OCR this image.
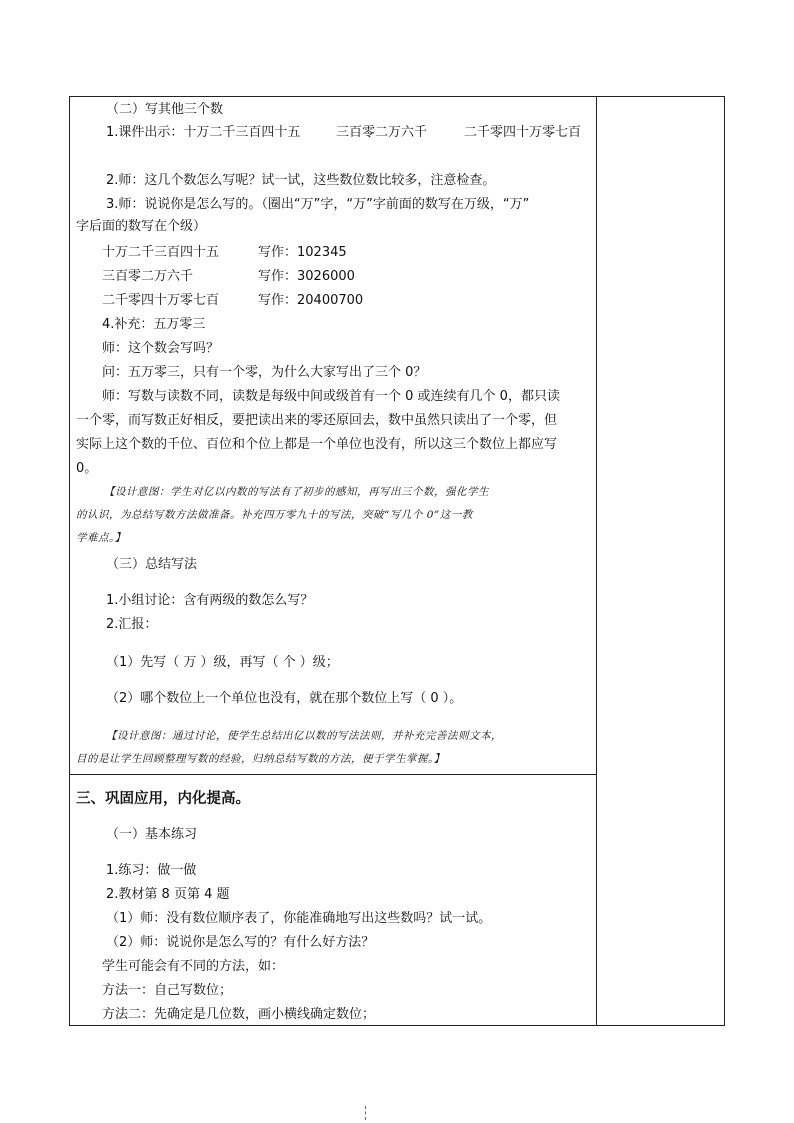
（二）写其他三个数
1.课件出示：十万二千三百四十五	三百零二万六千	二千零四十万零七百
2.师：这几个数怎么写呢？试一试，这些数位数比较多，注意检查。
3.师：说说你是怎么写的。（圈出“万”字，“万”字前面的数写在万级，“万”
字后面的数写在个级）
十万二千三百四十五	写作：102345
三百零二万六千	写作：3026000
二千零四十万零七百	写作：20400700
4.补充：五万零三
师：这个数会写吗？
问：五万零三，只有一个零，为什么大家写出了三个 0？
师：写数与读数不同，读数是每级中间或级首有一个 0 或连续有几个 0，都只读
一个零，而写数正好相反，要把读出来的零还原回去，数中虽然只读出了一个零，但
实际上这个数的千位、百位和个位上都是一个单位也没有，所以这三个数位上都应写
0。
【设计意图：学生对亿以内数的写法有了初步的感知，再写出三个数，强化学生
的认识，为总结写数方法做准备。补充四万零九十的写法，突破“写几个 0”这一教
学难点。】
（三）总结写法
1.小组讨论：含有两级的数怎么写？
2.汇报：
（1）先写（ 万 ）级，再写（ 个 ）级；
（2）哪个数位上一个单位也没有，就在那个数位上写（ 0 ）。
【设计意图：通过讨论，使学生总结出亿以数的写法法则，并补充完善法则文本，
目的是让学生回顾整理写数的经验，归纳总结写数的方法，便于学生掌握。】
三、巩固应用，内化提高。
（一）基本练习
1.练习：做一做
2.教材第 8 页第 4 题
（1）师：没有数位顺序表了，你能准确地写出这些数吗？试一试。
（2）师：说说你是怎么写的？有什么好方法？
学生可能会有不同的方法，如：
方法一：自己写数位；
方法二：先确定是几位数，画小横线确定数位；
